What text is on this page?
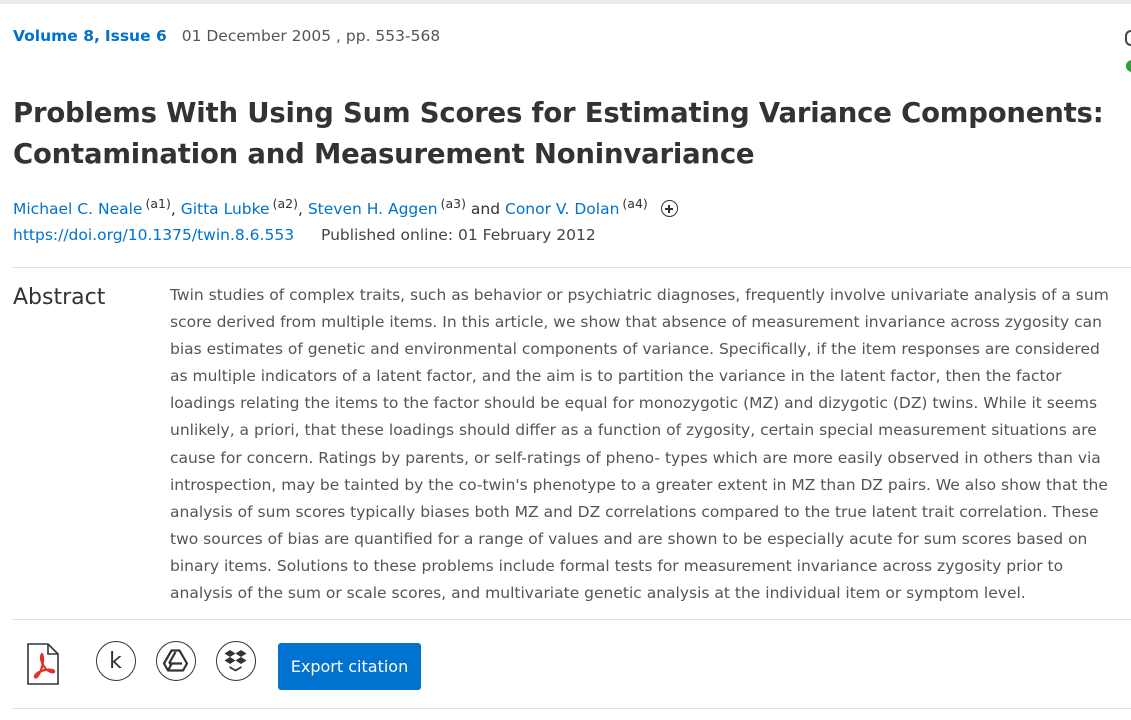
Volume 8, Issue 6 01 December 2005 , pp. 553-568
Problems With Using Sum Scores for Estimating Variance Components: Contamination and Measurement Noninvariance
Michael C. Neale $^{(a1)}$, Gitta Lubke $^{(a2)}$, Steven H. Aggen $^{(a3)}$ and Conor V. Dolan $^{(a4)}$
https://doi.org/10.1375/twin.8.6.553 Published online: 01 February 2012
Abstract	Twin studies of complex traits, such as behavior or psychiatric diagnoses, frequently involve univariate analysis of a sum score derived from multiple items. In this article, we show that absence of measurement invariance across zygosity can bias estimates of genetic and environmental components of variance. Specifically, if the item responses are considered as multiple indicators of a latent factor, and the aim is to partition the variance in the latent factor, then the factor loadings relating the items to the factor should be equal for monozygotic (MZ) and dizygotic (DZ) twins. While it seems unlikely, a priori, that these loadings should differ as a function of zygosity, certain special measurement situations are cause for concern. Ratings by parents, or self-ratings of pheno- types which are more easily observed in others than via introspection, may be tainted by the co-twin's phenotype to a greater extent in MZ than DZ pairs. We also show that the analysis of sum scores typically biases both MZ and DZ correlations compared to the true latent trait correlation. These two sources of bias are quantified for a range of values and are shown to be especially acute for sum scores based on binary items. Solutions to these problems include formal tests for measurement invariance across zygosity prior to analysis of the sum or scale scores, and multivariate genetic analysis at the individual item or symptom level.

k	Export citation
